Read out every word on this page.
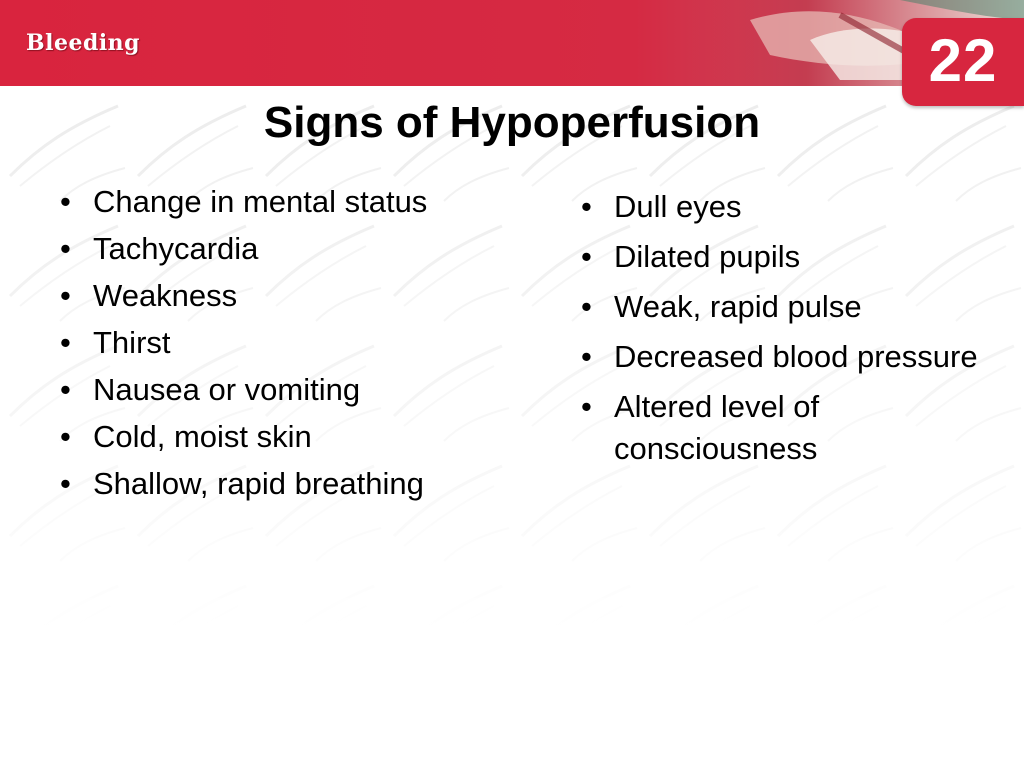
Bleeding	22
Signs of Hypoperfusion
• Change in mental status
• Tachycardia
• Weakness
• Thirst
• Nausea or vomiting
• Cold, moist skin
• Shallow, rapid breathing
• Dull eyes
• Dilated pupils
• Weak, rapid pulse
• Decreased blood pressure
• Altered level of consciousness
